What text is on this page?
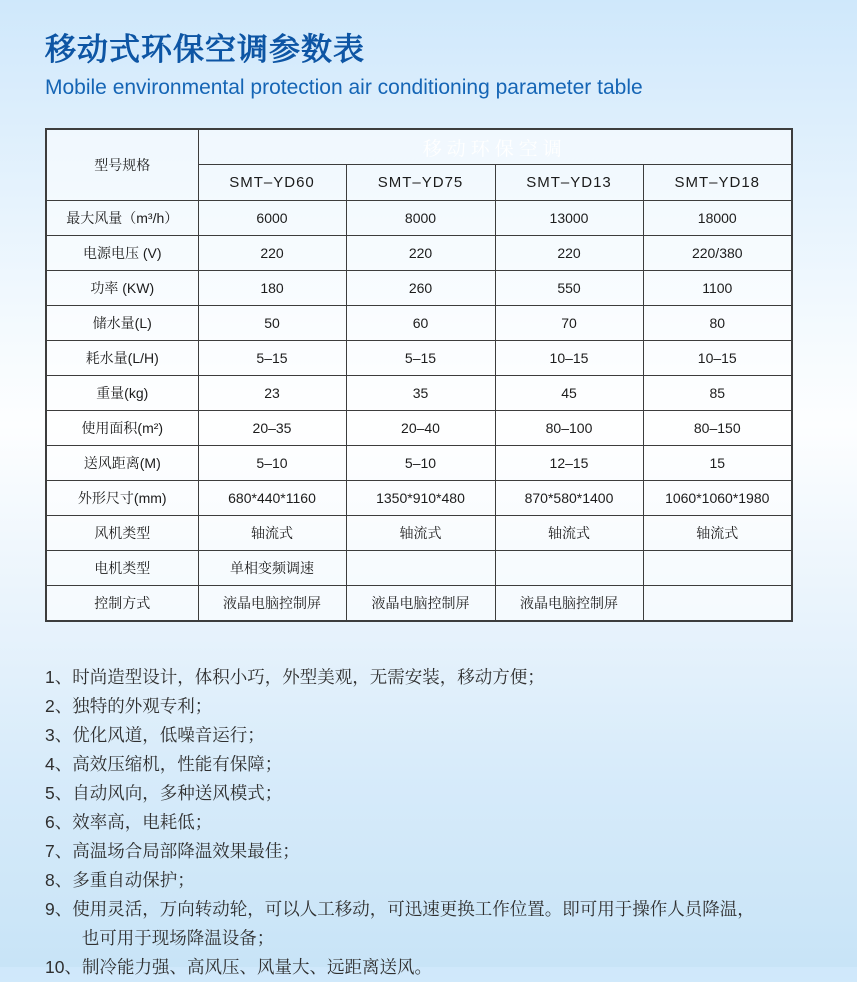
移动式环保空调参数表
Mobile environmental protection air conditioning parameter table
型号规格	移动环保空调			
	SMT–YD60	SMT–YD75	SMT–YD13	SMT–YD18
最大风量（m³/h）	6000	8000	13000	18000
电源电压 (V)	220	220	220	220/380
功率 (KW)	180	260	550	1100
储水量(L)	50	60	70	80
耗水量(L/H)	5–15	5–15	10–15	10–15
重量(kg)	23	35	45	85
使用面积(m²)	20–35	20–40	80–100	80–150
送风距离(M)	5–10	5–10	12–15	15
外形尺寸(mm)	680*440*1160	1350*910*480	870*580*1400	1060*1060*1980
风机类型	轴流式	轴流式	轴流式	轴流式
电机类型	单相变频调速			
控制方式	液晶电脑控制屏	液晶电脑控制屏	液晶电脑控制屏	
1、时尚造型设计，体积小巧，外型美观，无需安装，移动方便；
2、独特的外观专利；
3、优化风道，低噪音运行；
4、高效压缩机，性能有保障；
5、自动风向，多种送风模式；
6、效率高，电耗低；
7、高温场合局部降温效果最佳；
8、多重自动保护；
9、使用灵活，万向转动轮，可以人工移动，可迅速更换工作位置。即可用于操作人员降温，也可用于现场降温设备；
10、制冷能力强、高风压、风量大、远距离送风。
